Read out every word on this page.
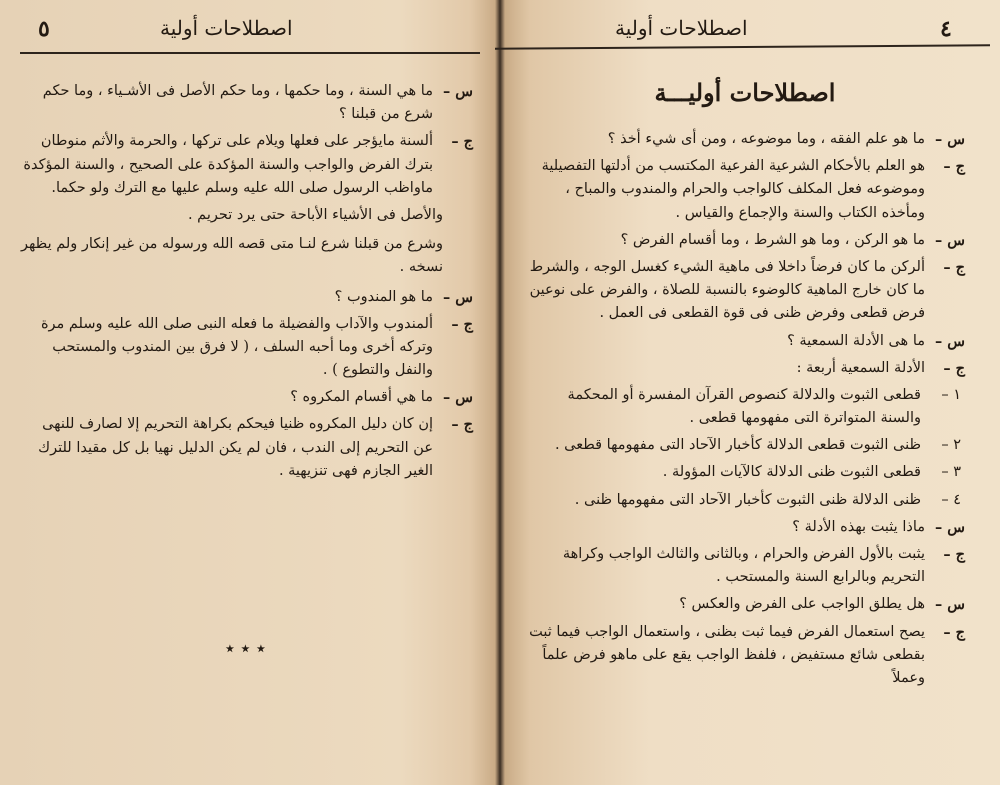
اصطلاحات أولية
٥
س –
ما هي السنة ، وما حكمها ، وما حكم الأصل فى الأشـياء ، وما حكم شرع من قبلنا ؟
ج –
ألسنة مايؤجر على فعلها ويلام على تركها ، والحرمة والأثم منوطان بترك الفرض والواجب والسنة المؤكدة على الصحيح ، والسنة المؤكدة ماواظب الرسول صلى الله عليه وسلم عليها مع الترك ولو حكما.
والأصل فى الأشياء الأباحة حتى يرد تحريم .
وشرع من قبلنا شرع لنـا متى قصه الله ورسوله من غير إنكار ولم يظهر نسخه .
س –
ما هو المندوب ؟
ج –
ألمندوب والآداب والفضيلة ما فعله النبى صلى الله عليه وسلم مرة وتركه أخرى وما أحبه السلف ، ( لا فرق بين المندوب والمستحب والنفل والتطوع ) .
س –
ما هي أقسام المكروه ؟
ج –
إن كان دليل المكروه ظنيا فيحكم بكراهة التحريم إلا لصارف للنهى عن التحريم إلى الندب ، فان لم يكن الدليل نهيا بل كل مقيدا للترك الغير الجازم فهى تنزيهية .
٭ ٭ ٭
اصطلاحات أولية	٤
اصطلاحات أوليـــة
س –
ما هو علم الفقه ، وما موضوعه ، ومن أى شيء أخذ ؟
ج –
هو العلم بالأحكام الشرعية الفرعية المكتسب من أدلتها التفصيلية وموضوعه فعل المكلف كالواجب والحرام والمندوب والمباح ، ومأخذه الكتاب والسنة والإجماع والقياس .
س –
ما هو الركن ، وما هو الشرط ، وما أقسام الفرض ؟
ج –
ألركن ما كان فرضاً داخلا فى ماهية الشيء كغسل الوجه ، والشرط ما كان خارج الماهية كالوضوء بالنسبة للصلاة ، والفرض على نوعين فرض قطعى وفرض ظنى فى قوة القطعى فى العمل .
س –
ما هى الأدلة السمعية ؟
ج –
الأدلة السمعية أربعة :
١ –
قطعى الثبوت والدلالة كنصوص القرآن المفسرة أو المحكمة والسنة المتواترة التى مفهومها قطعى .
٢ –
ظنى الثبوت قطعى الدلالة كأخبار الآحاد التى مفهومها قطعى .
٣ –
قطعى الثبوت ظنى الدلالة كالآيات المؤولة .
٤ –
ظنى الدلالة ظنى الثبوت كأخبار الآحاد التى مفهومها ظنى .
س –
ماذا يثبت بهذه الأدلة ؟
ج –
يثبت بالأول الفرض والحرام ، وبالثانى والثالث الواجب وكراهة التحريم وبالرابع السنة والمستحب .
س –
هل يطلق الواجب على الفرض والعكس ؟
ج –
يصح استعمال الفرض فيما ثبت بظنى ، واستعمال الواجب فيما ثبت بقطعى شائع مستفيض ، فلفظ الواجب يقع على ماهو فرض علماً وعملاً
